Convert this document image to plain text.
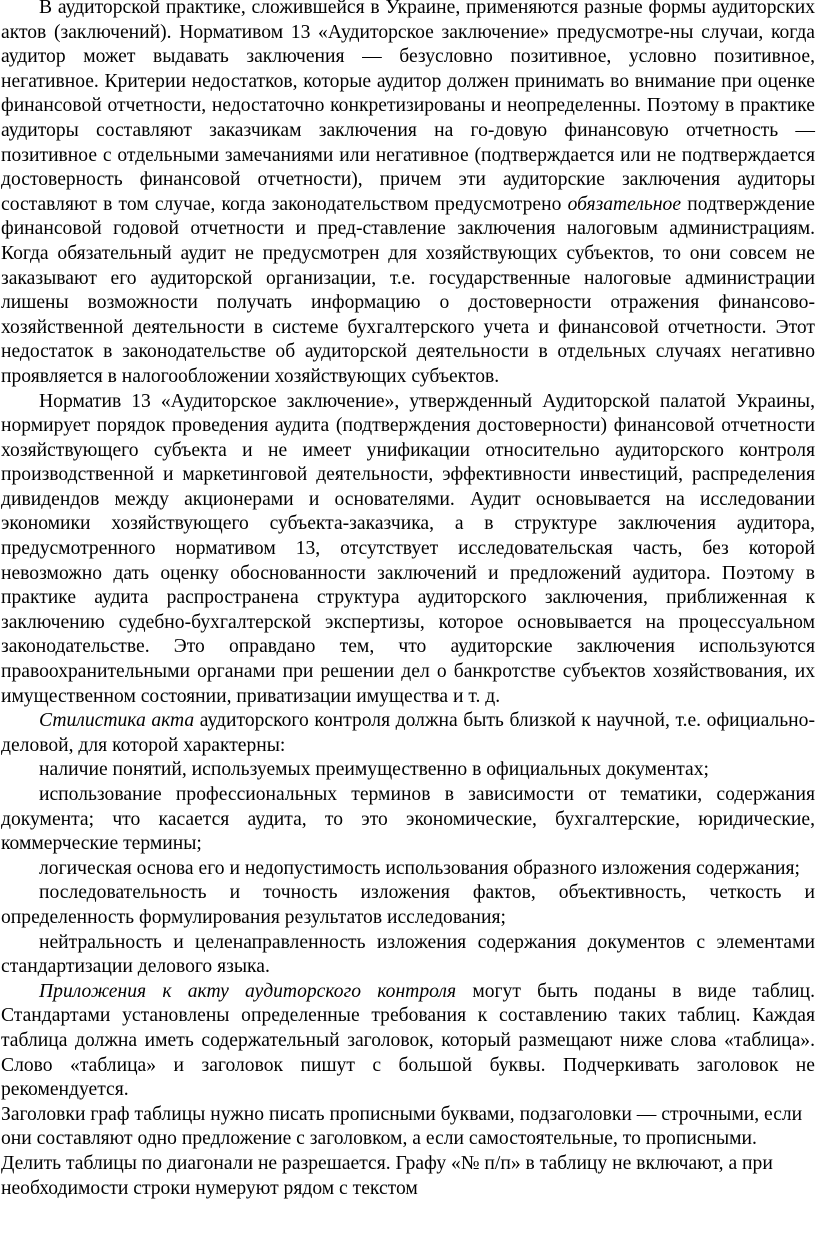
В аудиторской практике, сложившейся в Украине, применяются разные формы аудиторских актов (заключений). Нормативом 13 «Аудиторское заключение» предусмотре-ны случаи, когда аудитор может выдавать заключения — безусловно позитивное, условно позитивное, негативное. Критерии недостатков, которые аудитор должен принимать во внимание при оценке финансовой отчетности, недостаточно конкретизированы и неопределенны. Поэтому в практике аудиторы составляют заказчикам заключения на го-довую финансовую отчетность — позитивное с отдельными замечаниями или негативное (подтверждается или не подтверждается достоверность финансовой отчетности), причем эти аудиторские заключения аудиторы составляют в том случае, когда законодательством предусмотрено обязательное подтверждение финансовой годовой отчетности и пред-ставление заключения налоговым администрациям. Когда обязательный аудит не предусмотрен для хозяйствующих субъектов, то они совсем не заказывают его аудиторской организации, т.е. государственные налоговые администрации лишены возможности получать информацию о достоверности отражения финансово-хозяйственной деятельности в системе бухгалтерского учета и финансовой отчетности. Этот недостаток в законодательстве об аудиторской деятельности в отдельных случаях негативно проявляется в налогообложении хозяйствующих субъектов.

Норматив 13 «Аудиторское заключение», утвержденный Аудиторской палатой Украины, нормирует порядок проведения аудита (подтверждения достоверности) финансовой отчетности хозяйствующего субъекта и не имеет унификации относительно аудиторского контроля производственной и маркетинговой деятельности, эффективности инвестиций, распределения дивидендов между акционерами и основателями. Аудит основывается на исследовании экономики хозяйствующего субъекта-заказчика, а в структуре заключения аудитора, предусмотренного нормативом 13, отсутствует исследовательская часть, без которой невозможно дать оценку обоснованности заключений и предложений аудитора. Поэтому в практике аудита распространена структура аудиторского заключения, приближенная к заключению судебно-бухгалтерской экспертизы, которое основывается на процессуальном законодательстве. Это оправдано тем, что аудиторские заключения используются правоохранительными органами при решении дел о банкротстве субъектов хозяйствования, их имущественном состоянии, приватизации имущества и т. д.

Стилистика акта аудиторского контроля должна быть близкой к научной, т.е. официально-деловой, для которой характерны:

наличие понятий, используемых преимущественно в официальных документах;

использование профессиональных терминов в зависимости от тематики, содержания документа; что касается аудита, то это экономические, бухгалтерские, юридические, коммерческие термины;

логическая основа его и недопустимость использования образного изложения содержания;

последовательность и точность изложения фактов, объективность, четкость и определенность формулирования результатов исследования;

нейтральность и целенаправленность изложения содержания документов с элементами стандартизации делового языка.

Приложения к акту аудиторского контроля могут быть поданы в виде таблиц. Стандартами установлены определенные требования к составлению таких таблиц. Каждая таблица должна иметь содержательный заголовок, который размещают ниже слова «таблица». Слово «таблица» и заголовок пишут с большой буквы. Подчеркивать заголовок не рекомендуется.

Заголовки граф таблицы нужно писать прописными буквами, подзаголовки — строчными, если они составляют одно предложение с заголовком, а если самостоятельные, то прописными. Делить таблицы по диагонали не разрешается. Графу «№ п/п» в таблицу не включают, а при необходимости строки нумеруют рядом с текстом
